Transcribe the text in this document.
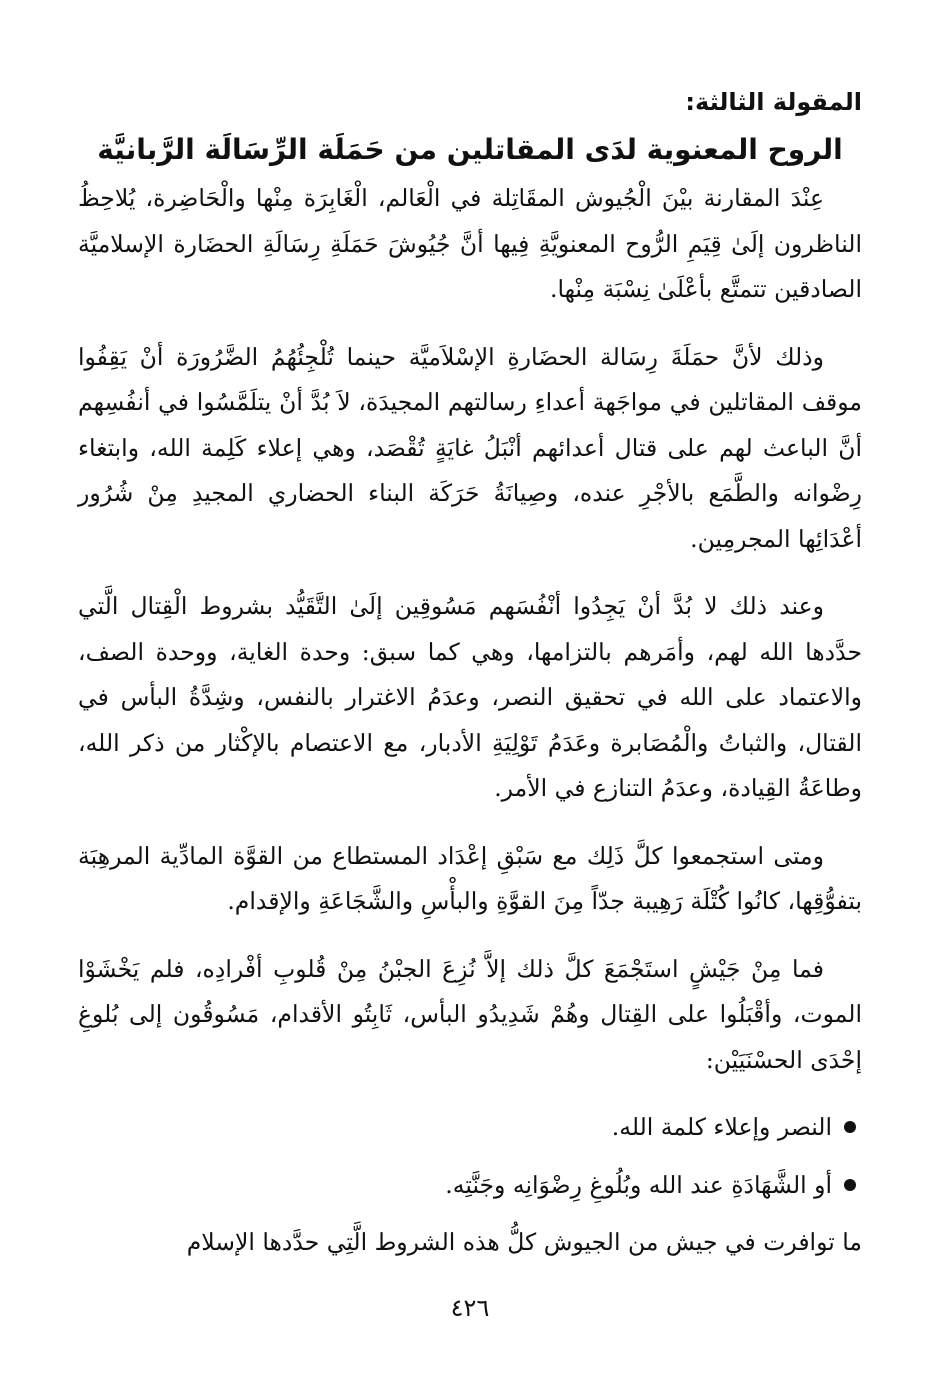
المقولة الثالثة:
الروح المعنوية لدَى المقاتلين من حَمَلَة الرِّسَالَة الرَّبانيَّة

عِنْدَ المقارنة بيْنَ الْجُيوش المقَاتِلة في الْعَالم، الْغَابِرَة مِنْها والْحَاضِرة، يُلاحِظُ الناظرون إلَىٰ قِيَمِ الرُّوح المعنويَّةِ فِيها أنَّ جُيُوشَ حَمَلَةِ رِسَالَةِ الحضَارة الإسلاميَّة الصادقين تتمتَّع بأعْلَىٰ نِسْبَة مِنْها.

وذلك لأنَّ حمَلَةَ رِسَالة الحضَارةِ الإسْلاَميَّة حينما تُلْجِئُهُمُ الضَّرُورَة أنْ يَقِفُوا موقف المقاتلين في مواجَهة أعداءِ رسالتهم المجيدَة، لاَ بُدَّ أنْ يتلَمَّسُوا في أنفُسِهم أنَّ الباعث لهم على قتال أعدائهم أنْبَلُ غايَةٍ تُقْصَد، وهي إعلاء كَلِمة الله، وابتغاء رِضْوانه والطَّمَع بالأجْرِ عنده، وصِيانَةُ حَرَكَة البناء الحضاري المجيدِ مِنْ شُرُور أعْدَائِها المجرمِين.

وعند ذلك لا بُدَّ أنْ يَجِدُوا أنْفُسَهم مَسُوقِين إلَىٰ التَّقَيُّد بشروط الْقِتال الَّتي حدَّدها الله لهم، وأمَرهم بالتزامها، وهي كما سبق: وحدة الغاية، ووحدة الصف، والاعتماد على الله في تحقيق النصر، وعدَمُ الاغترار بالنفس، وشِدَّةُ البأس في القتال، والثباتُ والْمُصَابرة وعَدَمُ تَوْلِيَةِ الأدبار، مع الاعتصام بالإكْثار من ذكر الله، وطاعَةُ القِيادة، وعدَمُ التنازع في الأمر.

ومتى استجمعوا كلَّ ذَلِك مع سَبْقِ إعْدَاد المستطاع من القوَّة المادِّية المرهِبَة بتفوُّقِها، كانُوا كُتْلَة رَهِيبة جدّاً مِنَ القوَّةِ والبأْسِ والشَّجَاعَةِ والإقدام.

فما مِنْ جَيْشٍ استَجْمَعَ كلَّ ذلك إلاَّ نُزِعَ الجبْنُ مِنْ قُلوبِ أفْرادِه، فلم يَخْشَوْا الموت، وأقْبَلُوا على القِتال وهُمْ شَدِيدُو البأس، ثَابِتُو الأقدام، مَسُوقُون إلى بُلوغِ إحْدَى الحسْنَيَيْن:

النصر وإعلاء كلمة الله.
أو الشَّهَادَةِ عند الله وبُلُوغِ رِضْوَانِه وجَنَّتِه.

ما توافرت في جيش من الجيوش كلُّ هذه الشروط الَّتِي حدَّدها الإسلام

٤٢٦
